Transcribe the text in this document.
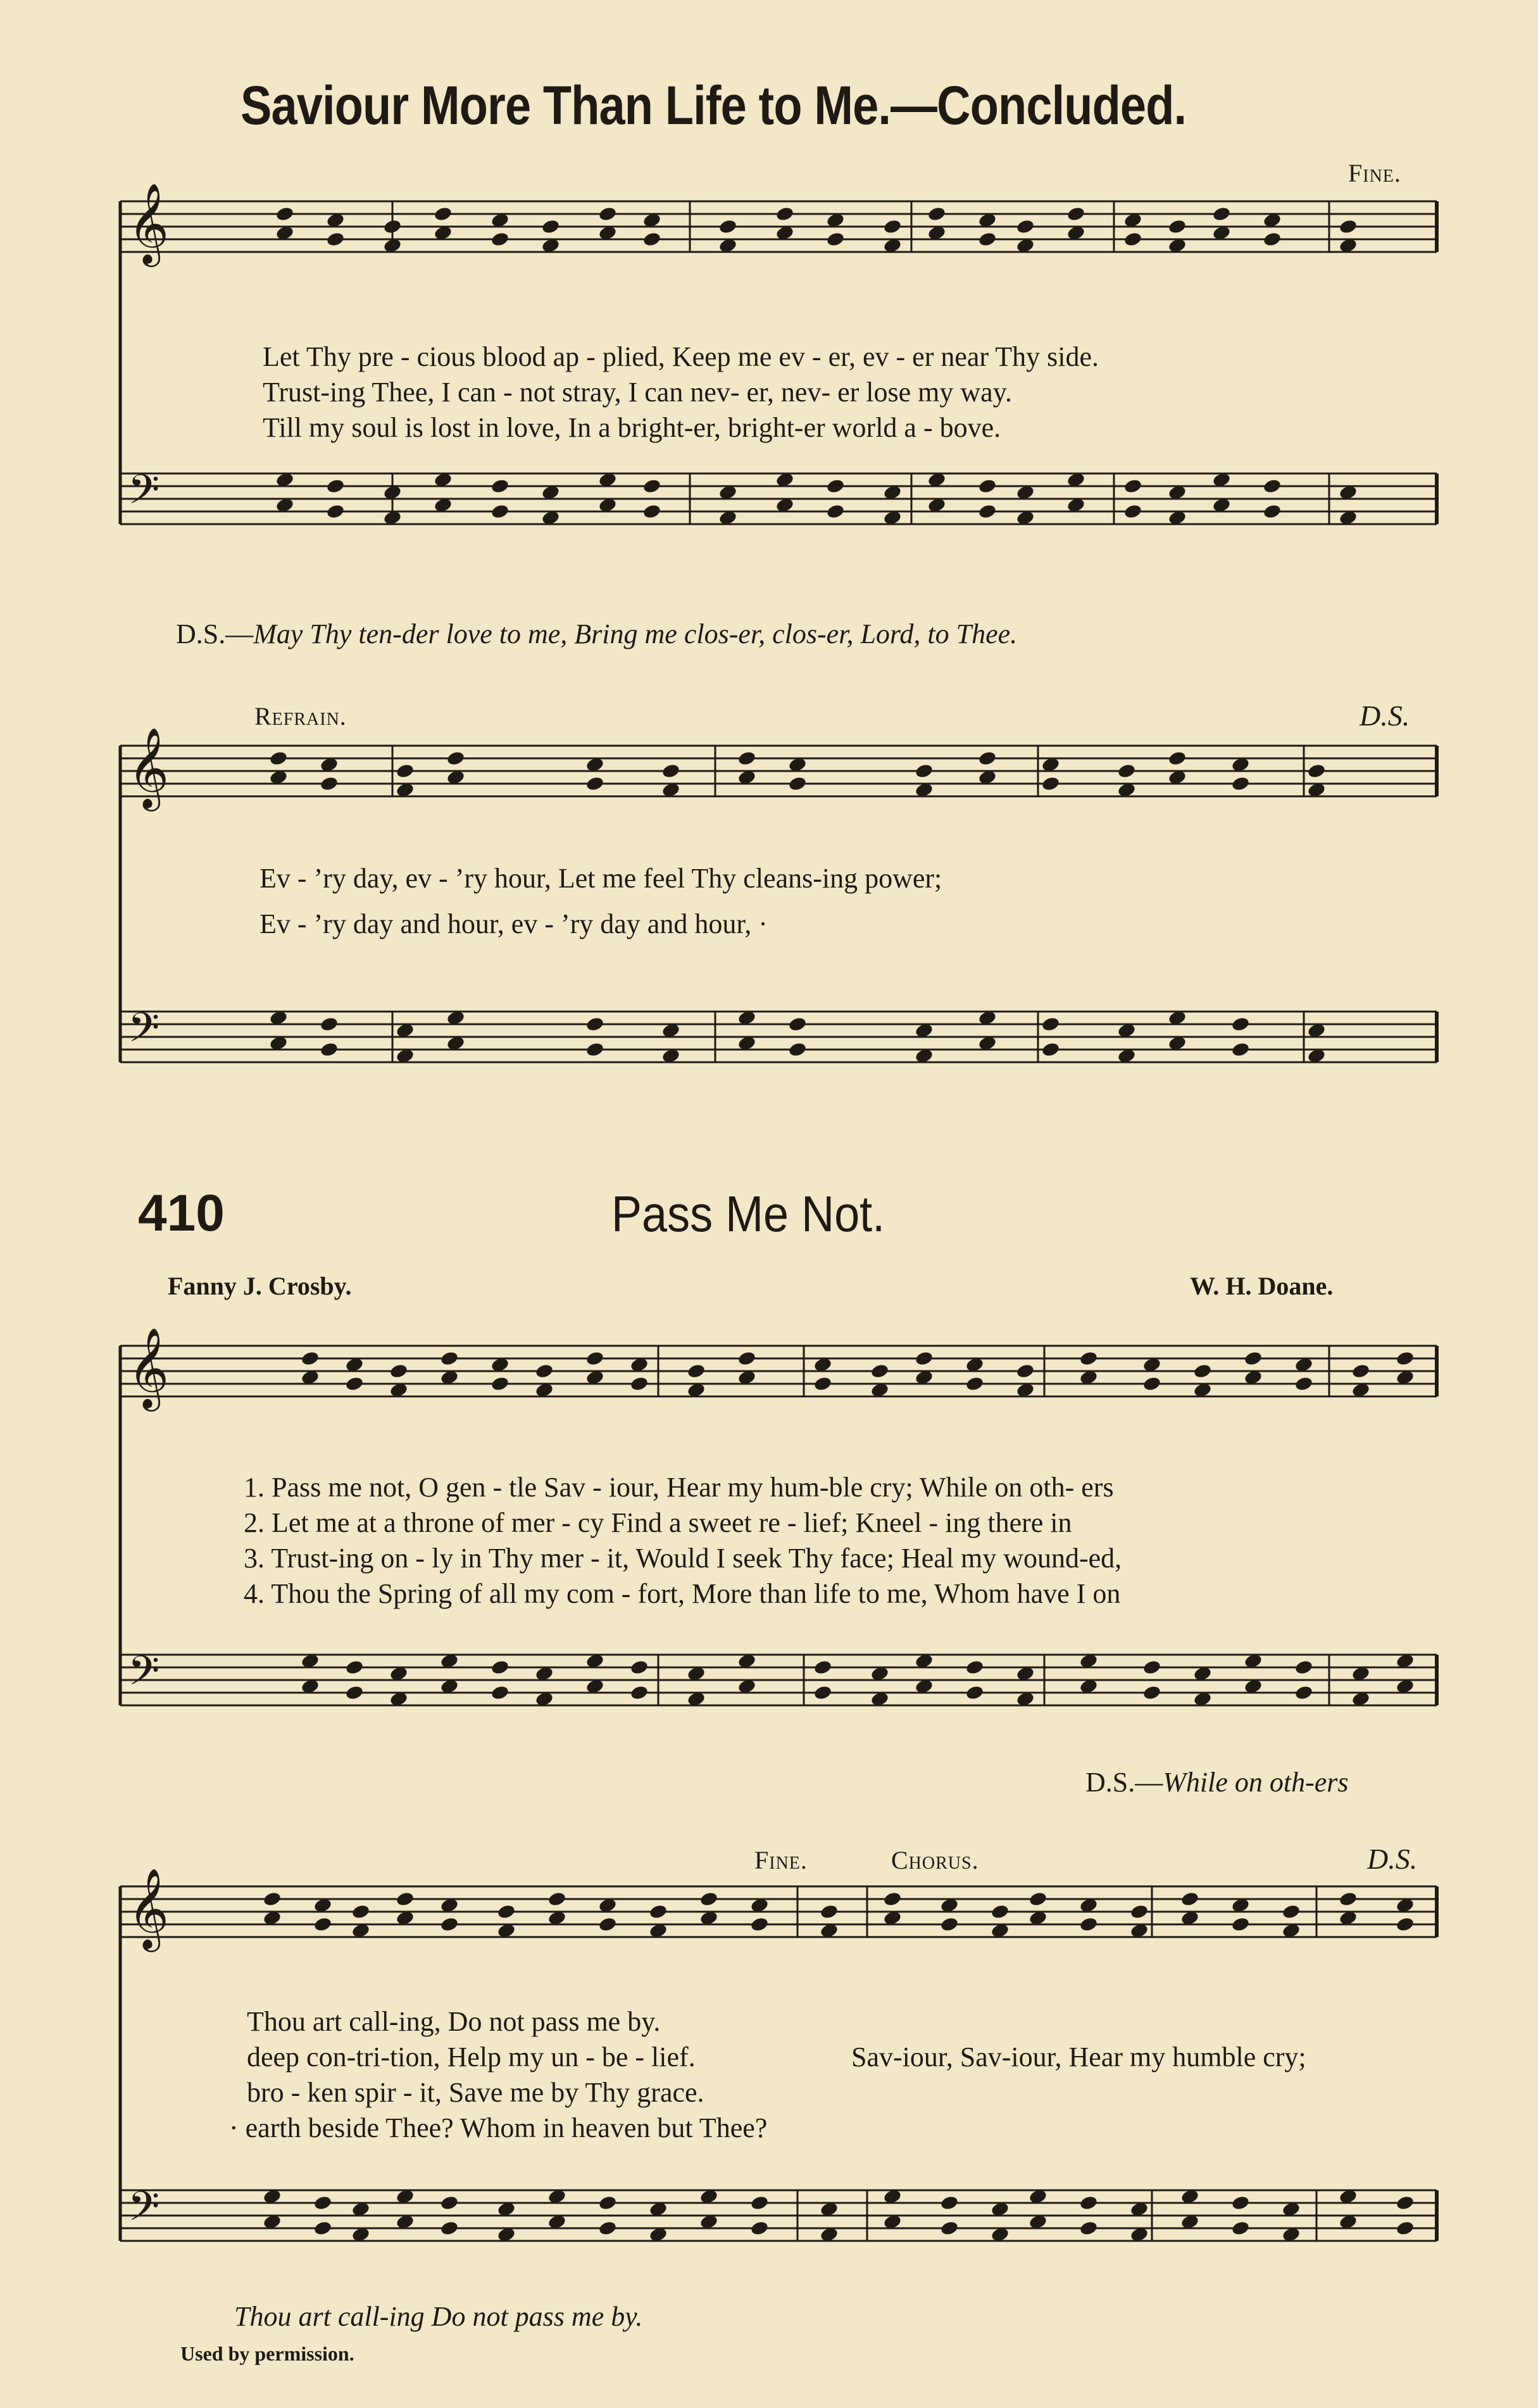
𝄞
𝄢
𝄞
𝄢
𝄞
𝄢
𝄞
𝄢
Saviour More Than Life to Me.—Concluded.
Fine.
Let Thy pre - cious blood ap - plied, Keep me ev - er, ev - er near Thy side.
Trust-ing Thee, I can - not stray, I can nev- er, nev- er lose my way.
Till my soul is lost in love, In a bright-er, bright-er world a - bove.
D.S.—May Thy ten-der love to me, Bring me clos-er, clos-er, Lord, to Thee.
Refrain.	D.S.
Ev - ’ry day, ev - ’ry hour, Let me feel Thy cleans-ing power;
Ev - ’ry day and hour, ev - ’ry day and hour, ·
410	Pass Me Not.
Fanny J. Crosby.	W. H. Doane.
1. Pass me not, O gen - tle Sav - iour, Hear my hum-ble cry; While on oth- ers
2. Let me at a throne of mer - cy Find a sweet re - lief; Kneel - ing there in
3. Trust-ing on - ly in Thy mer - it, Would I seek Thy face; Heal my wound-ed,
4. Thou the Spring of all my com - fort, More than life to me, Whom have I on
D.S.—While on oth-ers
Fine.	Chorus.	D.S.
Thou art call-ing, Do not pass me by.
deep con-tri-tion, Help my un - be - lief.
bro - ken spir - it, Save me by Thy grace.
· earth beside Thee? Whom in heaven but Thee?
Sav-iour, Sav-iour, Hear my humble cry;
Thou art call-ing Do not pass me by.
Used by permission.
